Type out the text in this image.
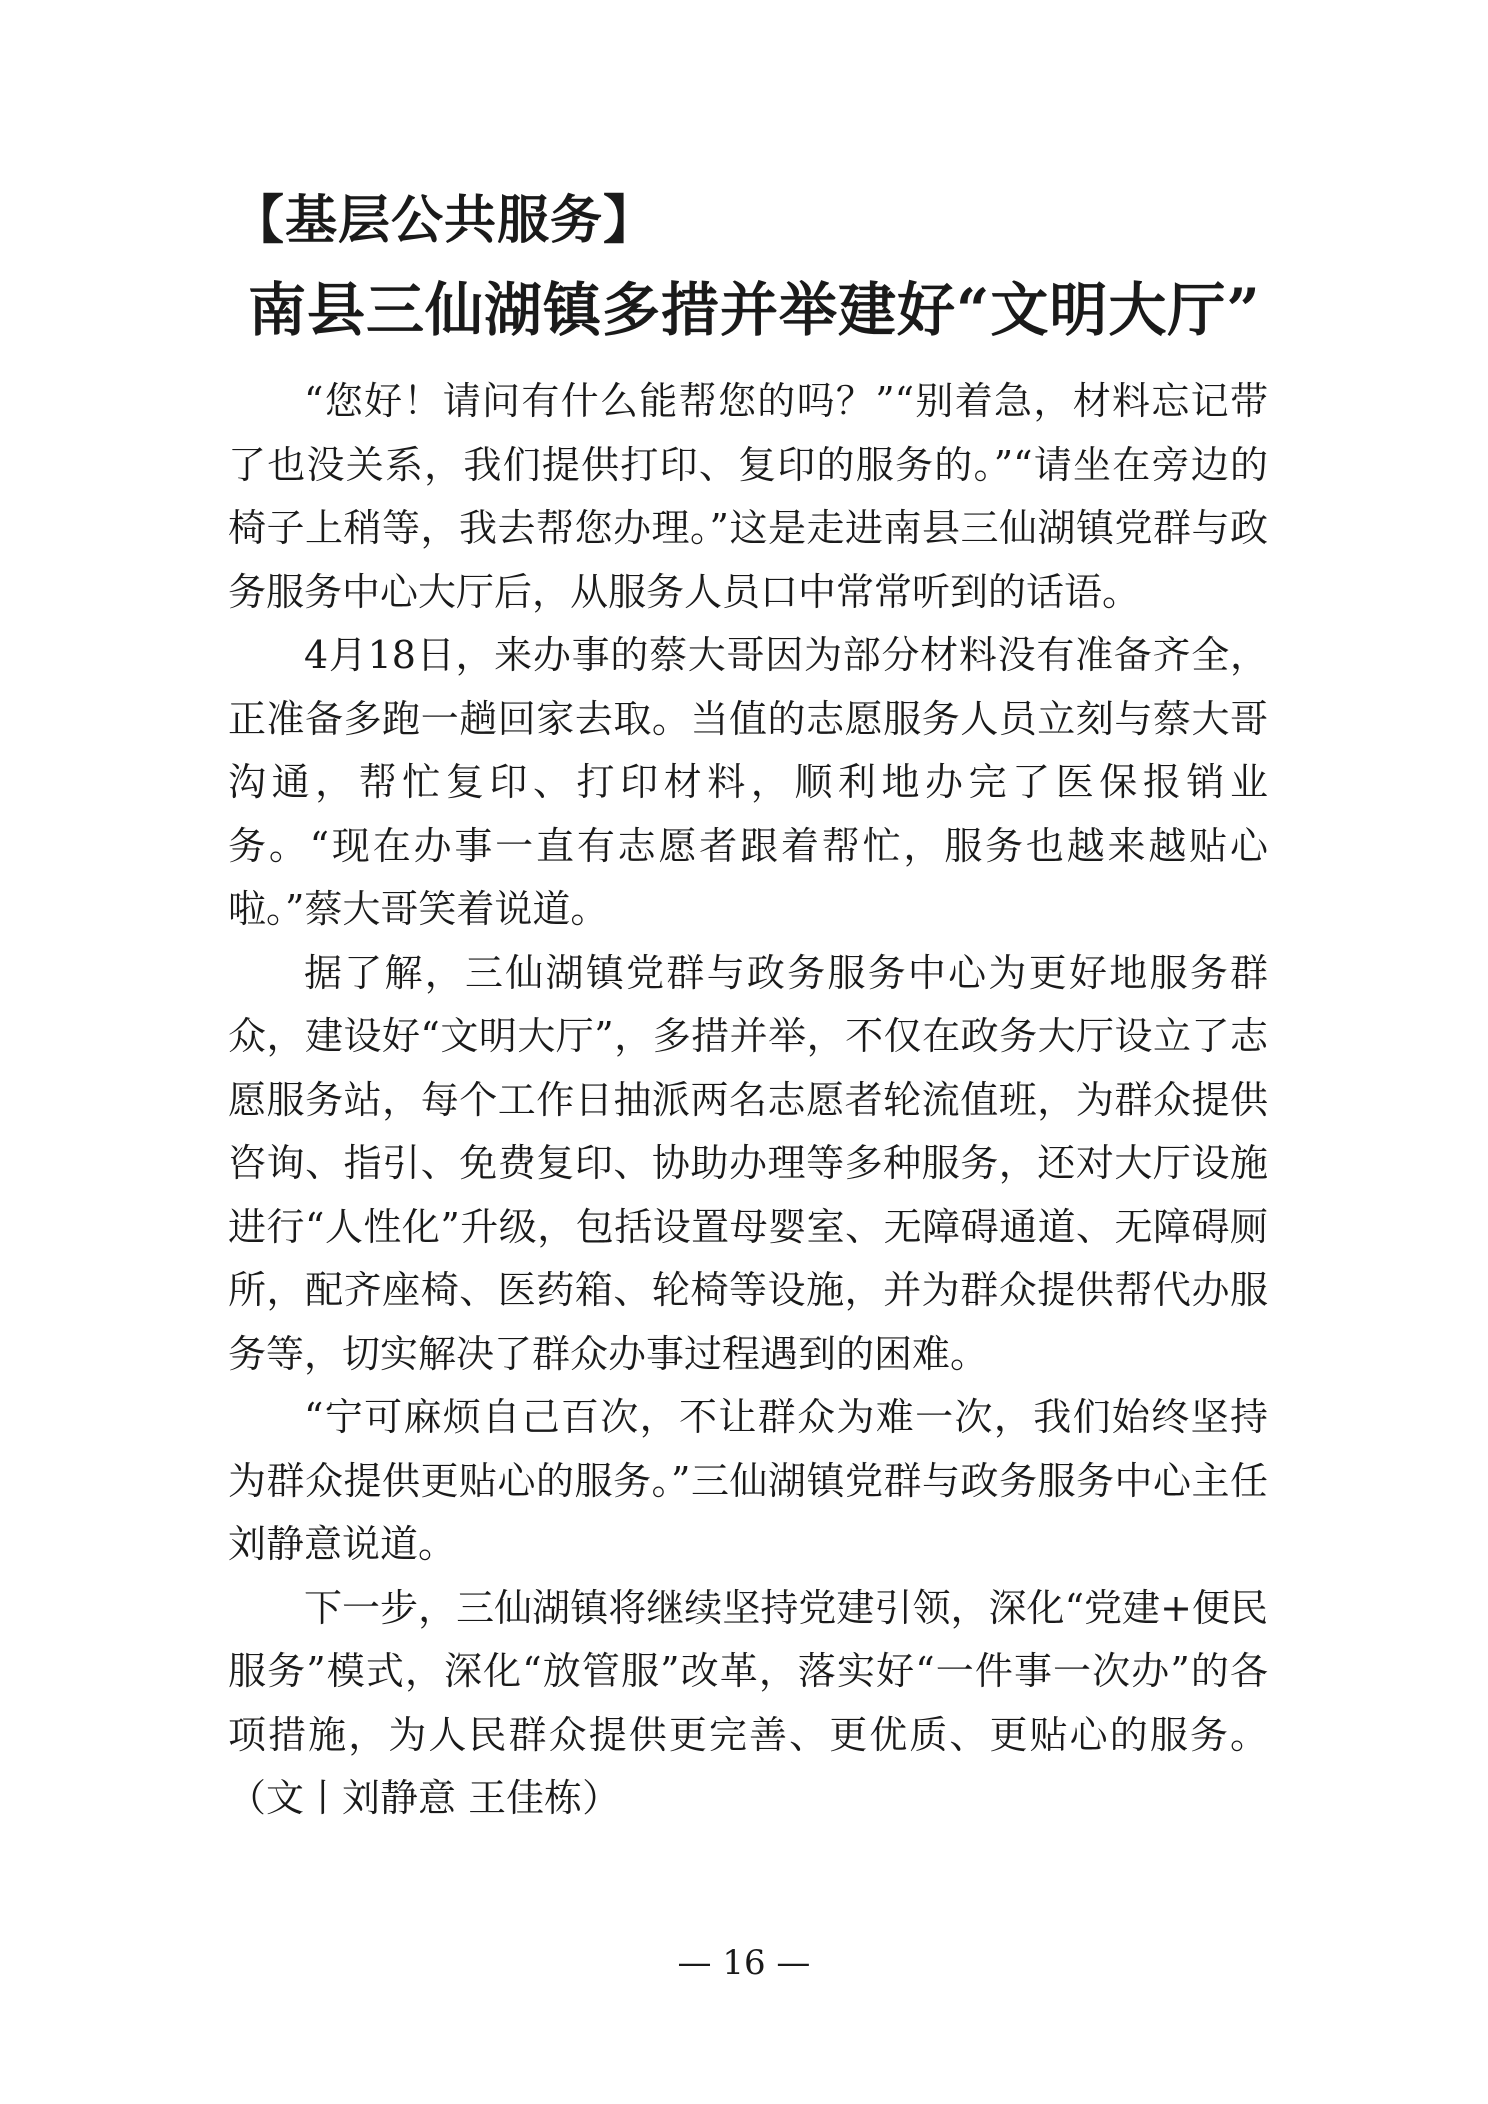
【基层公共服务】
南县三仙湖镇多措并举建好“文明大厅”

“您好！请问有什么能帮您的吗？”“别着急，材料忘记带了也没关系，我们提供打印、复印的服务的。”“请坐在旁边的椅子上稍等，我去帮您办理。”这是走进南县三仙湖镇党群与政务服务中心大厅后，从服务人员口中常常听到的话语。

4月18日，来办事的蔡大哥因为部分材料没有准备齐全，正准备多跑一趟回家去取。当值的志愿服务人员立刻与蔡大哥沟通，帮忙复印、打印材料，顺利地办完了医保报销业务。“现在办事一直有志愿者跟着帮忙，服务也越来越贴心啦。”蔡大哥笑着说道。

据了解，三仙湖镇党群与政务服务中心为更好地服务群众，建设好“文明大厅”，多措并举，不仅在政务大厅设立了志愿服务站，每个工作日抽派两名志愿者轮流值班，为群众提供咨询、指引、免费复印、协助办理等多种服务，还对大厅设施进行“人性化”升级，包括设置母婴室、无障碍通道、无障碍厕所，配齐座椅、医药箱、轮椅等设施，并为群众提供帮代办服务等，切实解决了群众办事过程遇到的困难。

“宁可麻烦自己百次，不让群众为难一次，我们始终坚持为群众提供更贴心的服务。”三仙湖镇党群与政务服务中心主任刘静意说道。

下一步，三仙湖镇将继续坚持党建引领，深化“党建+便民服务”模式，深化“放管服”改革，落实好“一件事一次办”的各项措施，为人民群众提供更完善、更优质、更贴心的服务。（文丨刘静意 王佳栋）

— 16 —
